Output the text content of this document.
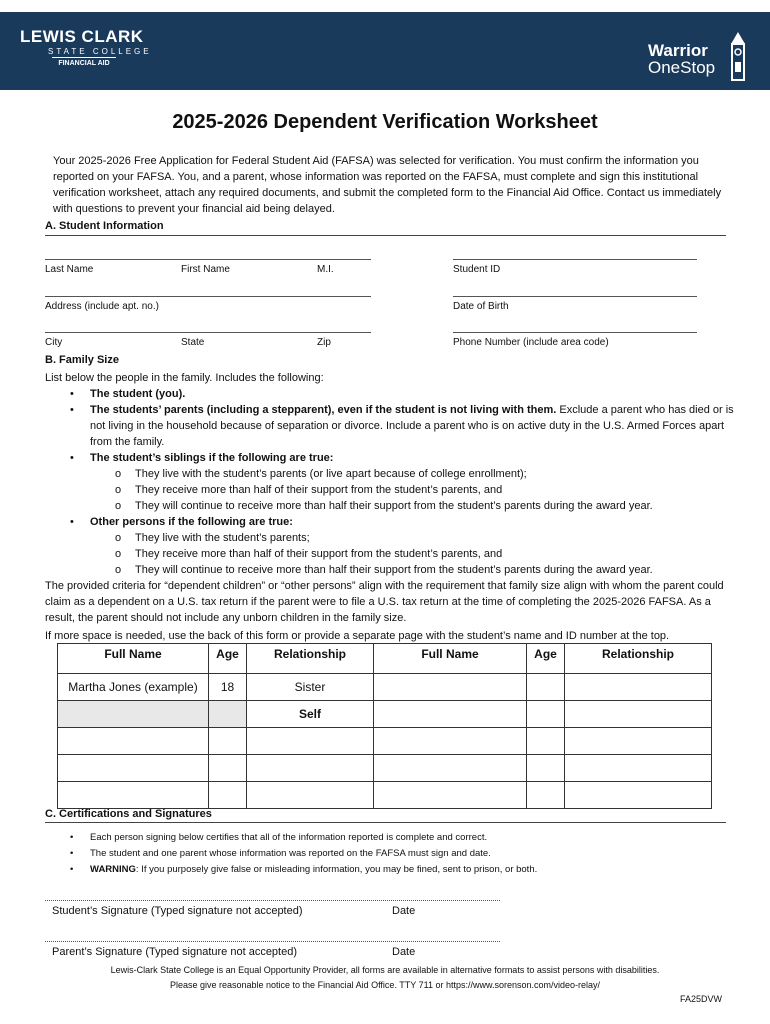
LEWIS CLARK
STATE COLLEGE
FINANCIAL AID
Warrior
OneStop
2025-2026 Dependent Verification Worksheet
Your 2025-2026 Free Application for Federal Student Aid (FAFSA) was selected for verification. You must confirm the information you reported on your FAFSA. You, and a parent, whose information was reported on the FAFSA, must complete and sign this institutional verification worksheet, attach any required documents, and submit the completed form to the Financial Aid Office. Contact us immediately with questions to prevent your financial aid being delayed.
A. Student Information
Last Name	First Name	M.I.	Student ID
Address (include apt. no.)	Date of Birth
City	State	Zip	Phone Number (include area code)
B. Family Size

List below the people in the family. Includes the following:

• The student (you).
• The students’ parents (including a stepparent), even if the student is not living with them. Exclude a parent who has died or is not living in the household because of separation or divorce. Include a parent who is on active duty in the U.S. Armed Forces apart from the family.
• The student’s siblings if the following are true:
o They live with the student’s parents (or live apart because of college enrollment);
o They receive more than half of their support from the student’s parents, and
o They will continue to receive more than half their support from the student’s parents during the award year.
• Other persons if the following are true:
o They live with the student’s parents;
o They receive more than half of their support from the student’s parents, and
o They will continue to receive more than half their support from the student’s parents during the award year.

The provided criteria for “dependent children” or “other persons” align with the requirement that family size align with whom the parent could claim as a dependent on a U.S. tax return if the parent were to file a U.S. tax return at the time of completing the 2025-2026 FAFSA. As a result, the parent should not include any unborn children in the family size.

If more space is needed, use the back of this form or provide a separate page with the student’s name and ID number at the top.

Full Name	Age	Relationship	Full Name	Age	Relationship
Martha Jones (example)	18	Sister			
		Self			

C. Certifications and Signatures
• Each person signing below certifies that all of the information reported is complete and correct.
• The student and one parent whose information was reported on the FAFSA must sign and date.
• WARNING: If you purposely give false or misleading information, you may be fined, sent to prison, or both.
Student’s Signature (Typed signature not accepted)	Date
Parent’s Signature (Typed signature not accepted)	Date
Lewis-Clark State College is an Equal Opportunity Provider, all forms are available in alternative formats to assist persons with disabilities.
Please give reasonable notice to the Financial Aid Office. TTY 711 or https://www.sorenson.com/video-relay/
FA25DVW
